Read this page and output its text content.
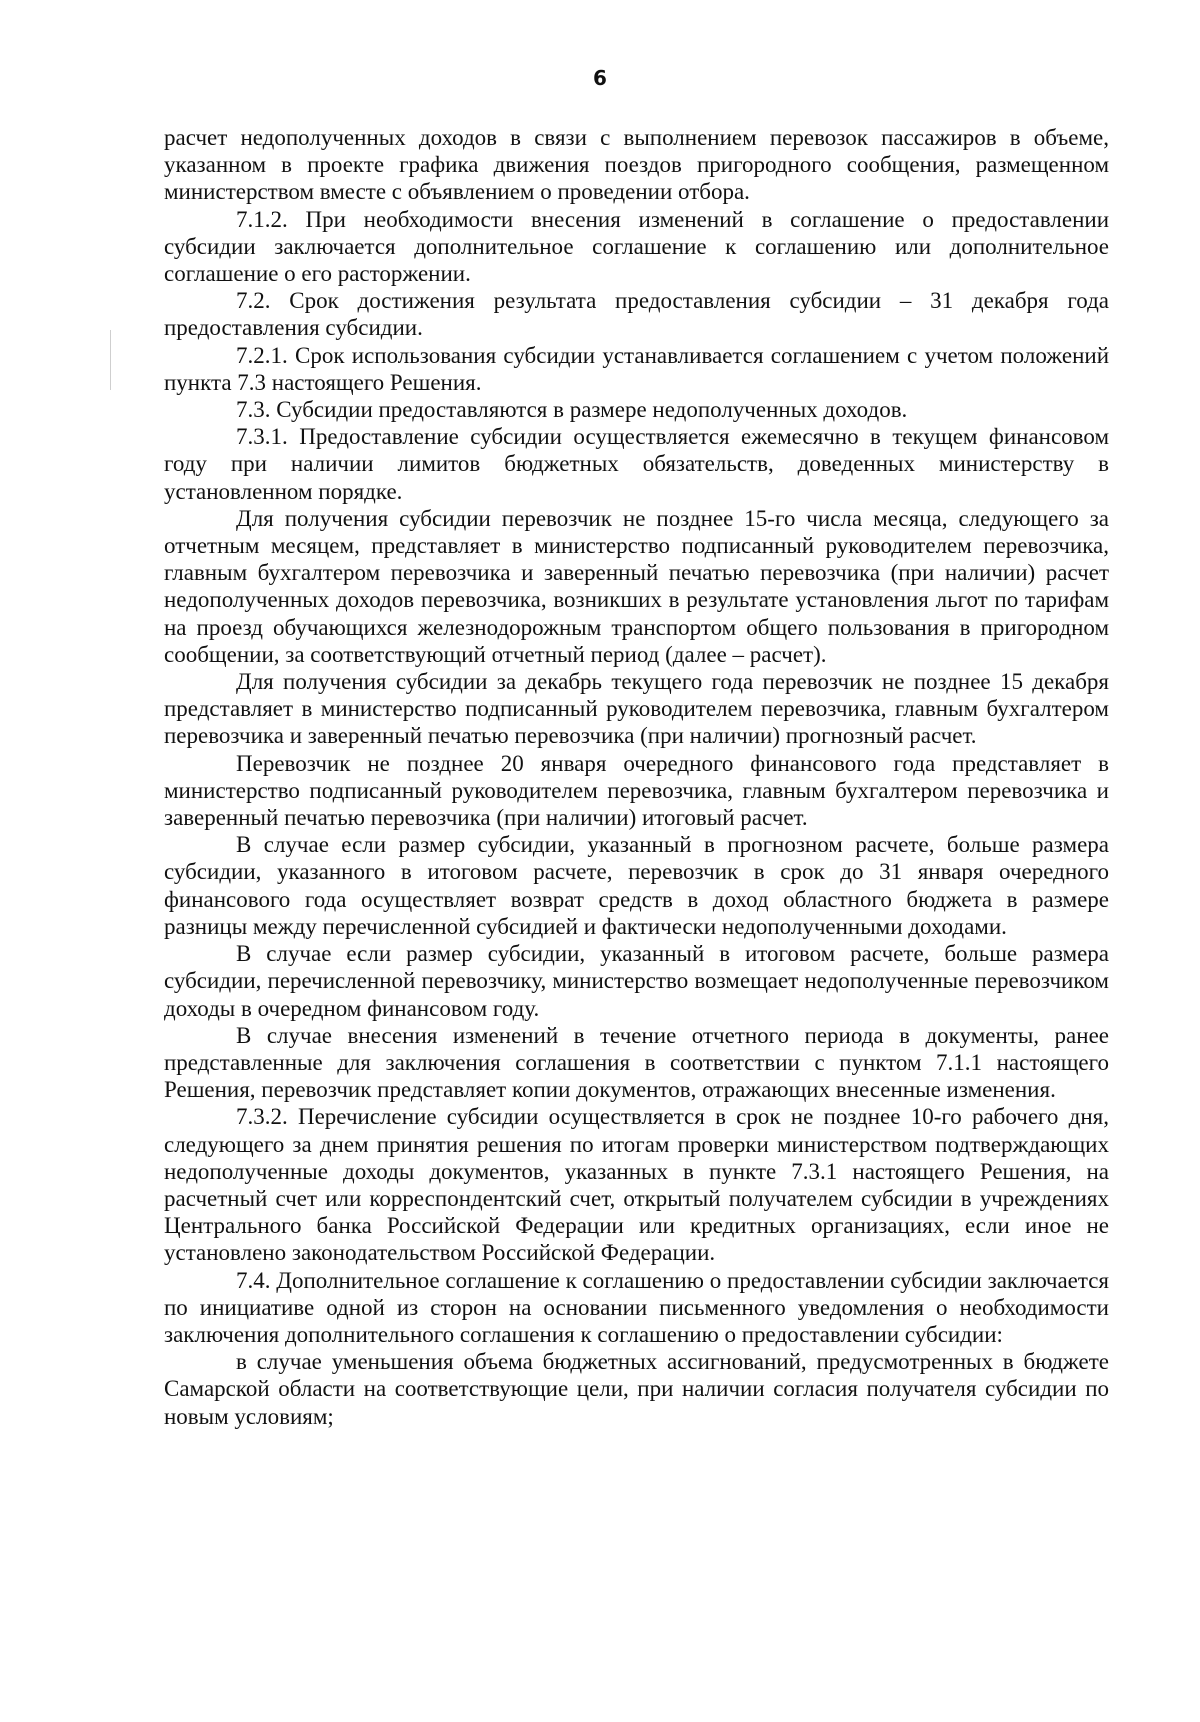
6

расчет недополученных доходов в связи с выполнением перевозок пассажиров в объеме, указанном в проекте графика движения поездов пригородного сообщения, размещенном министерством вместе с объявлением о проведении отбора.

7.1.2. При необходимости внесения изменений в соглашение о предоставлении субсидии заключается дополнительное соглашение к соглашению или дополнительное соглашение о его расторжении.

7.2. Срок достижения результата предоставления субсидии – 31 декабря года предоставления субсидии.

7.2.1. Срок использования субсидии устанавливается соглашением с учетом положений пункта 7.3 настоящего Решения.

7.3. Субсидии предоставляются в размере недополученных доходов.

7.3.1. Предоставление субсидии осуществляется ежемесячно в текущем финансовом году при наличии лимитов бюджетных обязательств, доведенных министерству в установленном порядке.

Для получения субсидии перевозчик не позднее 15-го числа месяца, следующего за отчетным месяцем, представляет в министерство подписанный руководителем перевозчика, главным бухгалтером перевозчика и заверенный печатью перевозчика (при наличии) расчет недополученных доходов перевозчика, возникших в результате установления льгот по тарифам на проезд обучающихся железнодорожным транспортом общего пользования в пригородном сообщении, за соответствующий отчетный период (далее – расчет).

Для получения субсидии за декабрь текущего года перевозчик не позднее 15 декабря представляет в министерство подписанный руководителем перевозчика, главным бухгалтером перевозчика и заверенный печатью перевозчика (при наличии) прогнозный расчет.

Перевозчик не позднее 20 января очередного финансового года представляет в министерство подписанный руководителем перевозчика, главным бухгалтером перевозчика и заверенный печатью перевозчика (при наличии) итоговый расчет.

В случае если размер субсидии, указанный в прогнозном расчете, больше размера субсидии, указанного в итоговом расчете, перевозчик в срок до 31 января очередного финансового года осуществляет возврат средств в доход областного бюджета в размере разницы между перечисленной субсидией и фактически недополученными доходами.

В случае если размер субсидии, указанный в итоговом расчете, больше размера субсидии, перечисленной перевозчику, министерство возмещает недополученные перевозчиком доходы в очередном финансовом году.

В случае внесения изменений в течение отчетного периода в документы, ранее представленные для заключения соглашения в соответствии с пунктом 7.1.1 настоящего Решения, перевозчик представляет копии документов, отражающих внесенные изменения.

7.3.2. Перечисление субсидии осуществляется в срок не позднее 10-го рабочего дня, следующего за днем принятия решения по итогам проверки министерством подтверждающих недополученные доходы документов, указанных в пункте 7.3.1 настоящего Решения, на расчетный счет или корреспондентский счет, открытый получателем субсидии в учреждениях Центрального банка Российской Федерации или кредитных организациях, если иное не установлено законодательством Российской Федерации.

7.4. Дополнительное соглашение к соглашению о предоставлении субсидии заключается по инициативе одной из сторон на основании письменного уведомления о необходимости заключения дополнительного соглашения к соглашению о предоставлении субсидии:

в случае уменьшения объема бюджетных ассигнований, предусмотренных в бюджете Самарской области на соответствующие цели, при наличии согласия получателя субсидии по новым условиям;
